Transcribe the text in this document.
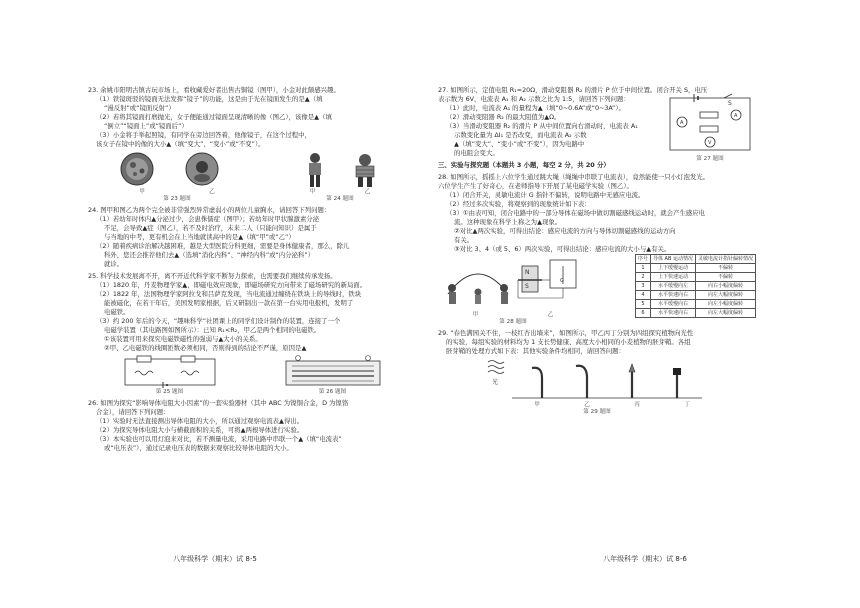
23. 余姚市阳明古镇古玩市场上，看收藏爱好者出售古铜镜（图甲），小金对此颇感兴趣。

（1）铁镜斑驳的镜面无法发挥“镜子”的功能，这是由于光在镜面发生的是▲（填

“漫反射”或“镜面反射”）

（2）若将其镜面打磨抛光，女子便能通过镜面呈现清晰的像（图乙），该像是▲（填

“倒立”“镜面上”或“镜面后”）

（3）小金将手举起照镜，有同学在旁边回答着，他像镜子，在这个过程中，

该女子在镜中的像的大小▲（填“变大”、“变小”或“不变”）。

甲	乙
第 23 题图
甲	乙
第 24 题图

24. 图甲和图乙为两个完全被非常强烈异常虚弱小的两位儿童胸水，请回答下列问题：

（1）若幼年时体内▲分泌过少，会患侏儒症（图甲）；若幼年时甲状腺激素分泌

不足，会导致▲症（图乙），若不及时治疗，未来二人（只能问知识）是属于

与当地的中考，更有机会在上当地就读高中的是▲（填“甲”或“乙”）

（2）随着疾病诊治解决越困难，越是大型医院分科更细，需要是身体健康者，那么，除儿

科外，您还会推荐他们去▲（选填“消化内科”、“神经内科”或“内分泌科”）

就诊。

25. 科学技术发展离不开，离不开近代科学家不断努力探索，也需要我们继续传承发扬。

（1）1820 年，丹麦物理学家▲，即磁电效应现象，即磁场研究方向带来了磁场研究的新局面。

（2）1822 年，法国物理学家阿拉戈和吕萨克发现，当电流通过缠绕在铁块上的导线时，铁块

能被磁化，在若干年后，美国发明家根据，后又研制出一款在第一台实用电报机，发明了

电磁铁。

（3）约 200 年后的今天，“趣味科学”社团课上的同学们设计制作的装置，连接了一个

电磁学装置（其电路图如图所示）：已知 R₁<R₂，甲乙是两个相同的电磁铁。

①该装置可用来探究电磁铁磁性的强弱与▲大小的关系。

②甲、乙电磁铁的线圈匝数必须相同，否则得到的结论不严谨，原因是▲

第 25 题图	第 26 题图

26. 如图为探究“影响导体电阻大小因素”的一套实验器材（其中 ABC 为镍铜合金，D 为镍铬

合金），请回答下列问题：

（1）实验时无法直接测出导体电阻的大小，所以通过观察电流表▲得出。

（2）为探究导体电阻大小与横截面积的关系，可将▲两根导体进行实验。

（3）本实验也可以用灯泡来对比，若不测量电流，采用电路中串联一个▲（填“电流表”

或“电压表”），通过记录电压表的数据来观察比较导体电阻的大小。

八年级科学（期末）试 8-5

27. 如图所示，定值电阻 R₁=20Ω，滑动变阻器 R₂ 的滑片 P 位于中间位置。闭合开关 S，电压

表示数为 6V，电流表 A₁ 和 A₂ 示数之比为 1:5，请回答下列问题：

（1）此时，电流表 A₁ 的量程为▲（填“0~0.6A”或“0~3A”）。

（2）滑动变阻器 R₂ 的最大阻值为▲Ω。

（3）当滑动变阻器 R₂ 的滑片 P 从中间位置向右滑动时，电流表 A₁

示数变化量为 ΔI₁ 是否改变，而电流表 A₂ 示数

▲（填“变大”、“变小”或“不变”），因为电路中

的电阻会变大。

S
A
A
V
第 27 题图

三、实验与探究题（本题共 3 小题，每空 2 分，共 20 分）

28. 如图所示，摇摇上六位学生通过跳大绳（绳绳中串联了电流表），竟然能使一只小灯泡发光。

六位学生产生了好奇心，在老师指导下开展了某电磁学实验（图乙）。

（1）闭合开关，灵敏电流计 G 指针不偏转，说明电路中无感应电流。

（2）经过多次实验，将观察到的现象统计如下表：

（3）①由表可知，闭合电路中的一部分导体在磁场中做切割磁感线运动时，就会产生感应电

流。这种现象在科学上称之为▲现象。

②对比▲两次实验，可得出结论：感应电流的方向与导体切割磁感线的运动方向

有关。

③对比 3、4（或 5、6）两次实验，可得出结论：感应电流的大小与▲有关。

N
S
G
甲	乙
第 28 题图
序号	导体 AB 运动情况	灵敏电流计指针偏转情况
1	上下缓慢运动	不偏转
2	上下快速运动	不偏转
3	水平缓慢向左	向右小幅度偏转
4	水平快速向右	向左大幅度偏转
5	水平缓慢向右	向左小幅度偏转
6	水平快速向右	向左大幅度偏转

29. “春色满园关不住，一枝红杏出墙来”，如图所示，甲乙丙丁分别为四组探究植物向光性

的实验，每组实验的材料均为 1 支长势健康、高度大小相同的小麦植物的胚芽鞘。各组

胚芽鞘的处理方式如下表：其他实验条件均相同，请回答问题：

光
甲	乙	丙	丁
第 29 题图
八年级科学（期末）试 8-6
